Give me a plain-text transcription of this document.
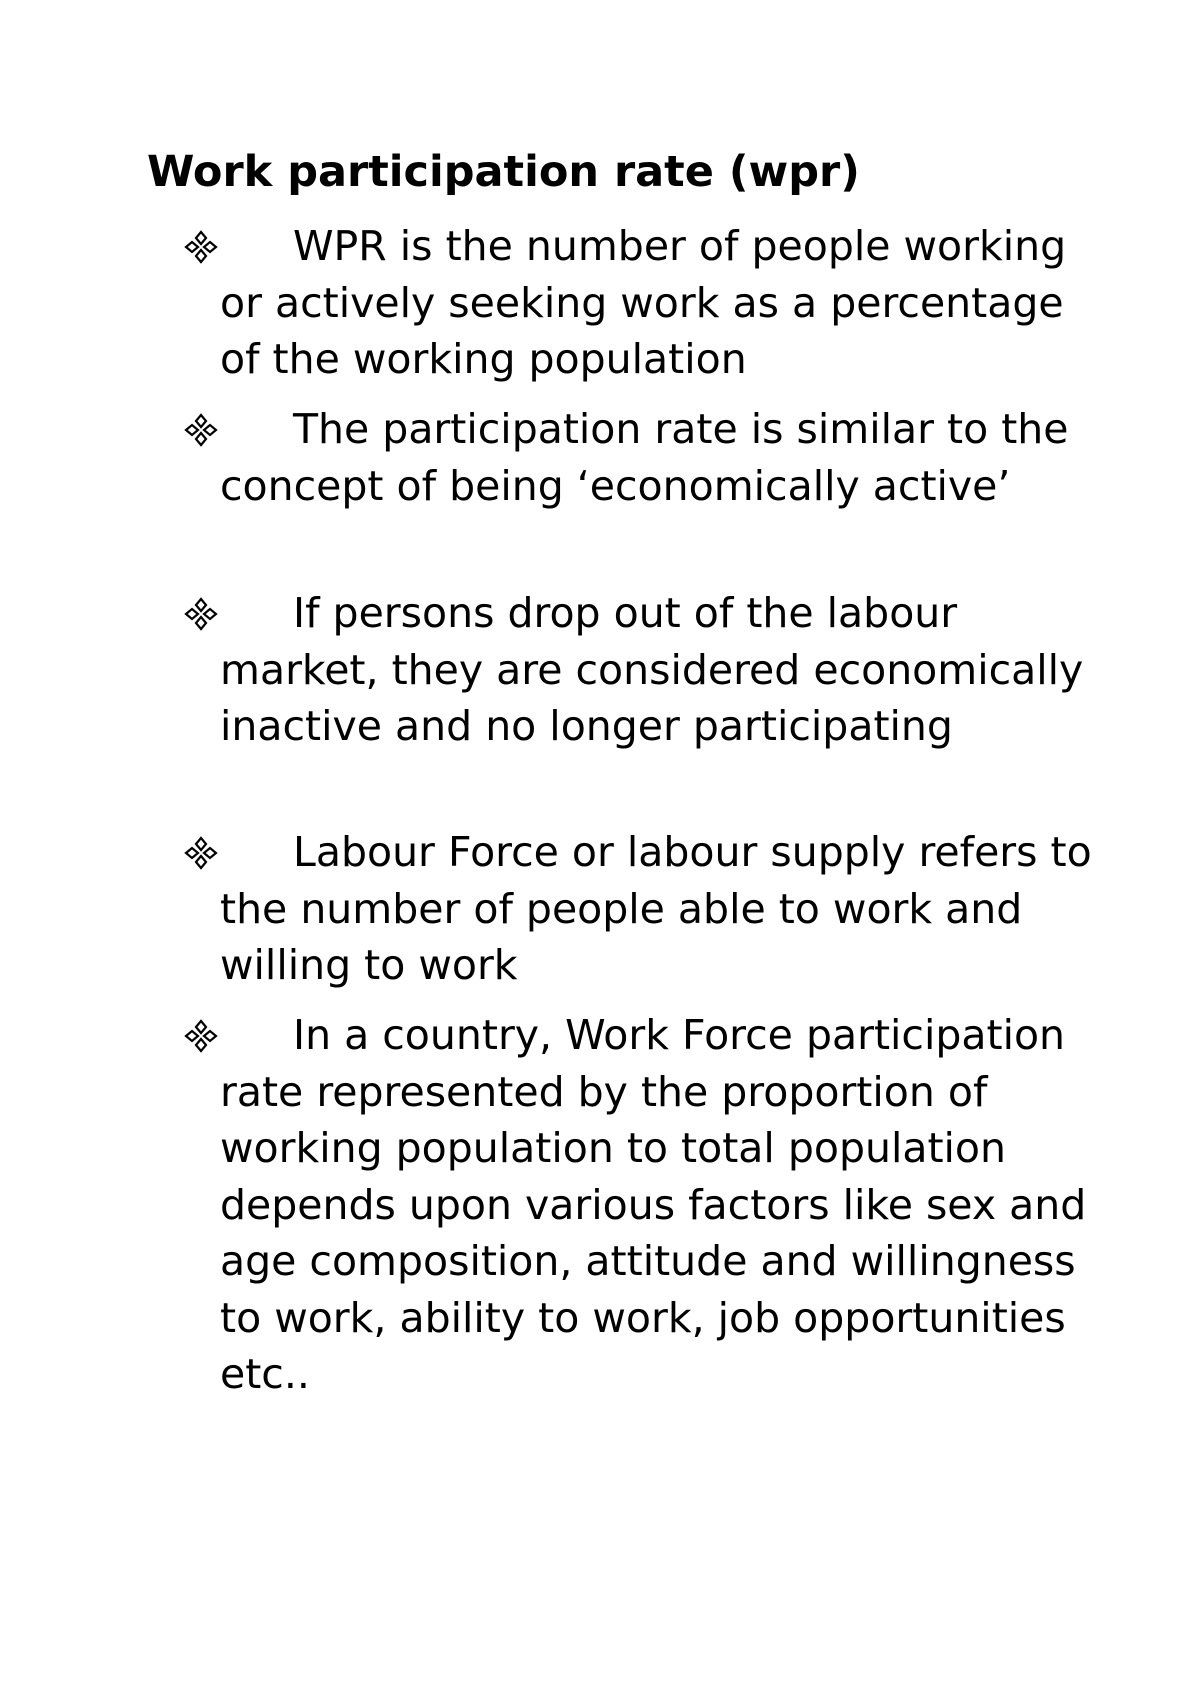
Work participation rate (wpr)

WPR is the number of people working or actively seeking work as a percentage of the working population

The participation rate is similar to the concept of being ‘economically active’

If persons drop out of the labour market, they are considered economically inactive and no longer participating

Labour Force or labour supply refers to the number of people able to work and willing to work

In a country, Work Force participation rate represented by the proportion of working population to total population depends upon various factors like sex and age composition, attitude and willingness to work, ability to work, job opportunities etc..
